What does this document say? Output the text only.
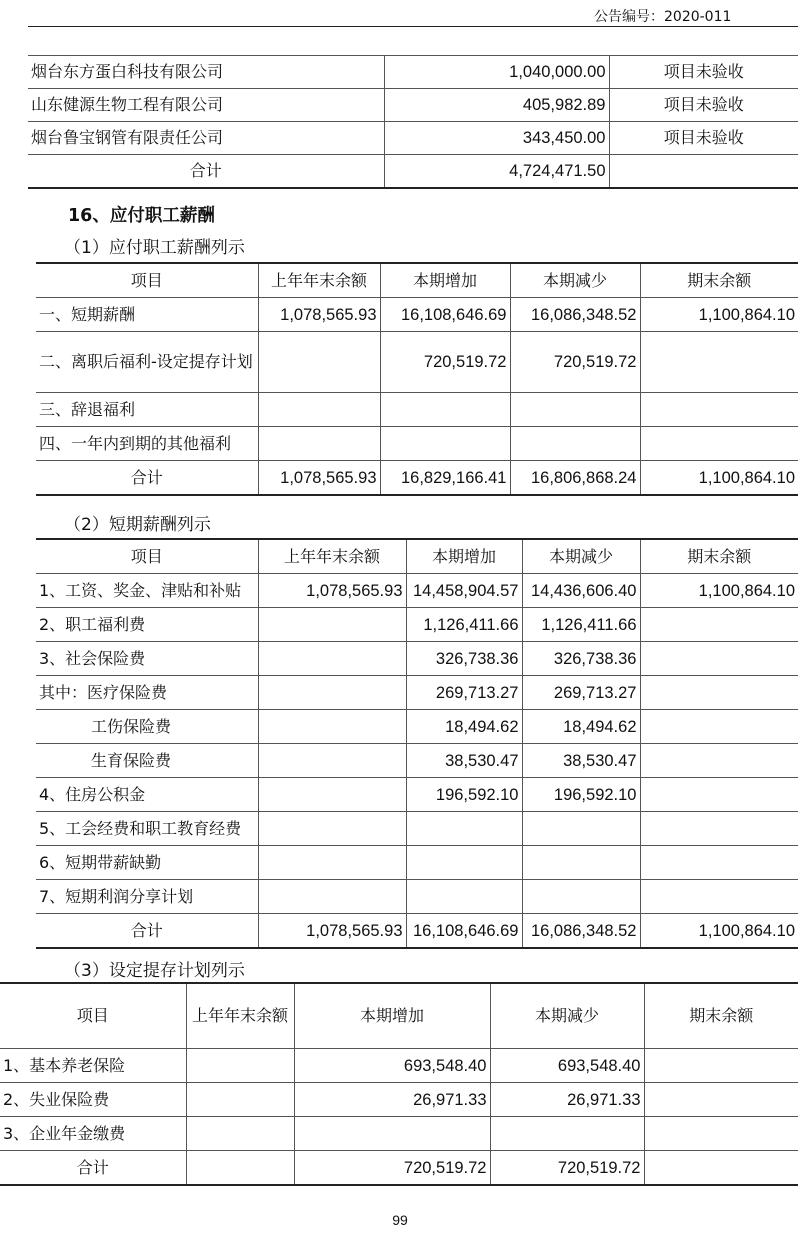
公告编号：2020-011
烟台东方蛋白科技有限公司	1,040,000.00	项目未验收
山东健源生物工程有限公司	405,982.89	项目未验收
烟台鲁宝钢管有限责任公司	343,450.00	项目未验收
合计	4,724,471.50	
16、应付职工薪酬
（1）应付职工薪酬列示
项目	上年年末余额	本期增加	本期减少	期末余额
一、短期薪酬	1,078,565.93	16,108,646.69	16,086,348.52	1,100,864.10
二、离职后福利-设定提存计划		720,519.72	720,519.72	
三、辞退福利				
四、一年内到期的其他福利				
合计	1,078,565.93	16,829,166.41	16,806,868.24	1,100,864.10
（2）短期薪酬列示
项目	上年年末余额	本期增加	本期减少	期末余额
1、工资、奖金、津贴和补贴	1,078,565.93	14,458,904.57	14,436,606.40	1,100,864.10
2、职工福利费		1,126,411.66	1,126,411.66	
3、社会保险费		326,738.36	326,738.36	
其中：医疗保险费		269,713.27	269,713.27	
工伤保险费		18,494.62	18,494.62	
生育保险费		38,530.47	38,530.47	
4、住房公积金		196,592.10	196,592.10	
5、工会经费和职工教育经费				
6、短期带薪缺勤				
7、短期利润分享计划				
合计	1,078,565.93	16,108,646.69	16,086,348.52	1,100,864.10
（3）设定提存计划列示
项目	上年年末余额	本期增加	本期减少	期末余额
1、基本养老保险		693,548.40	693,548.40	
2、失业保险费		26,971.33	26,971.33	
3、企业年金缴费				
合计		720,519.72	720,519.72	
99
